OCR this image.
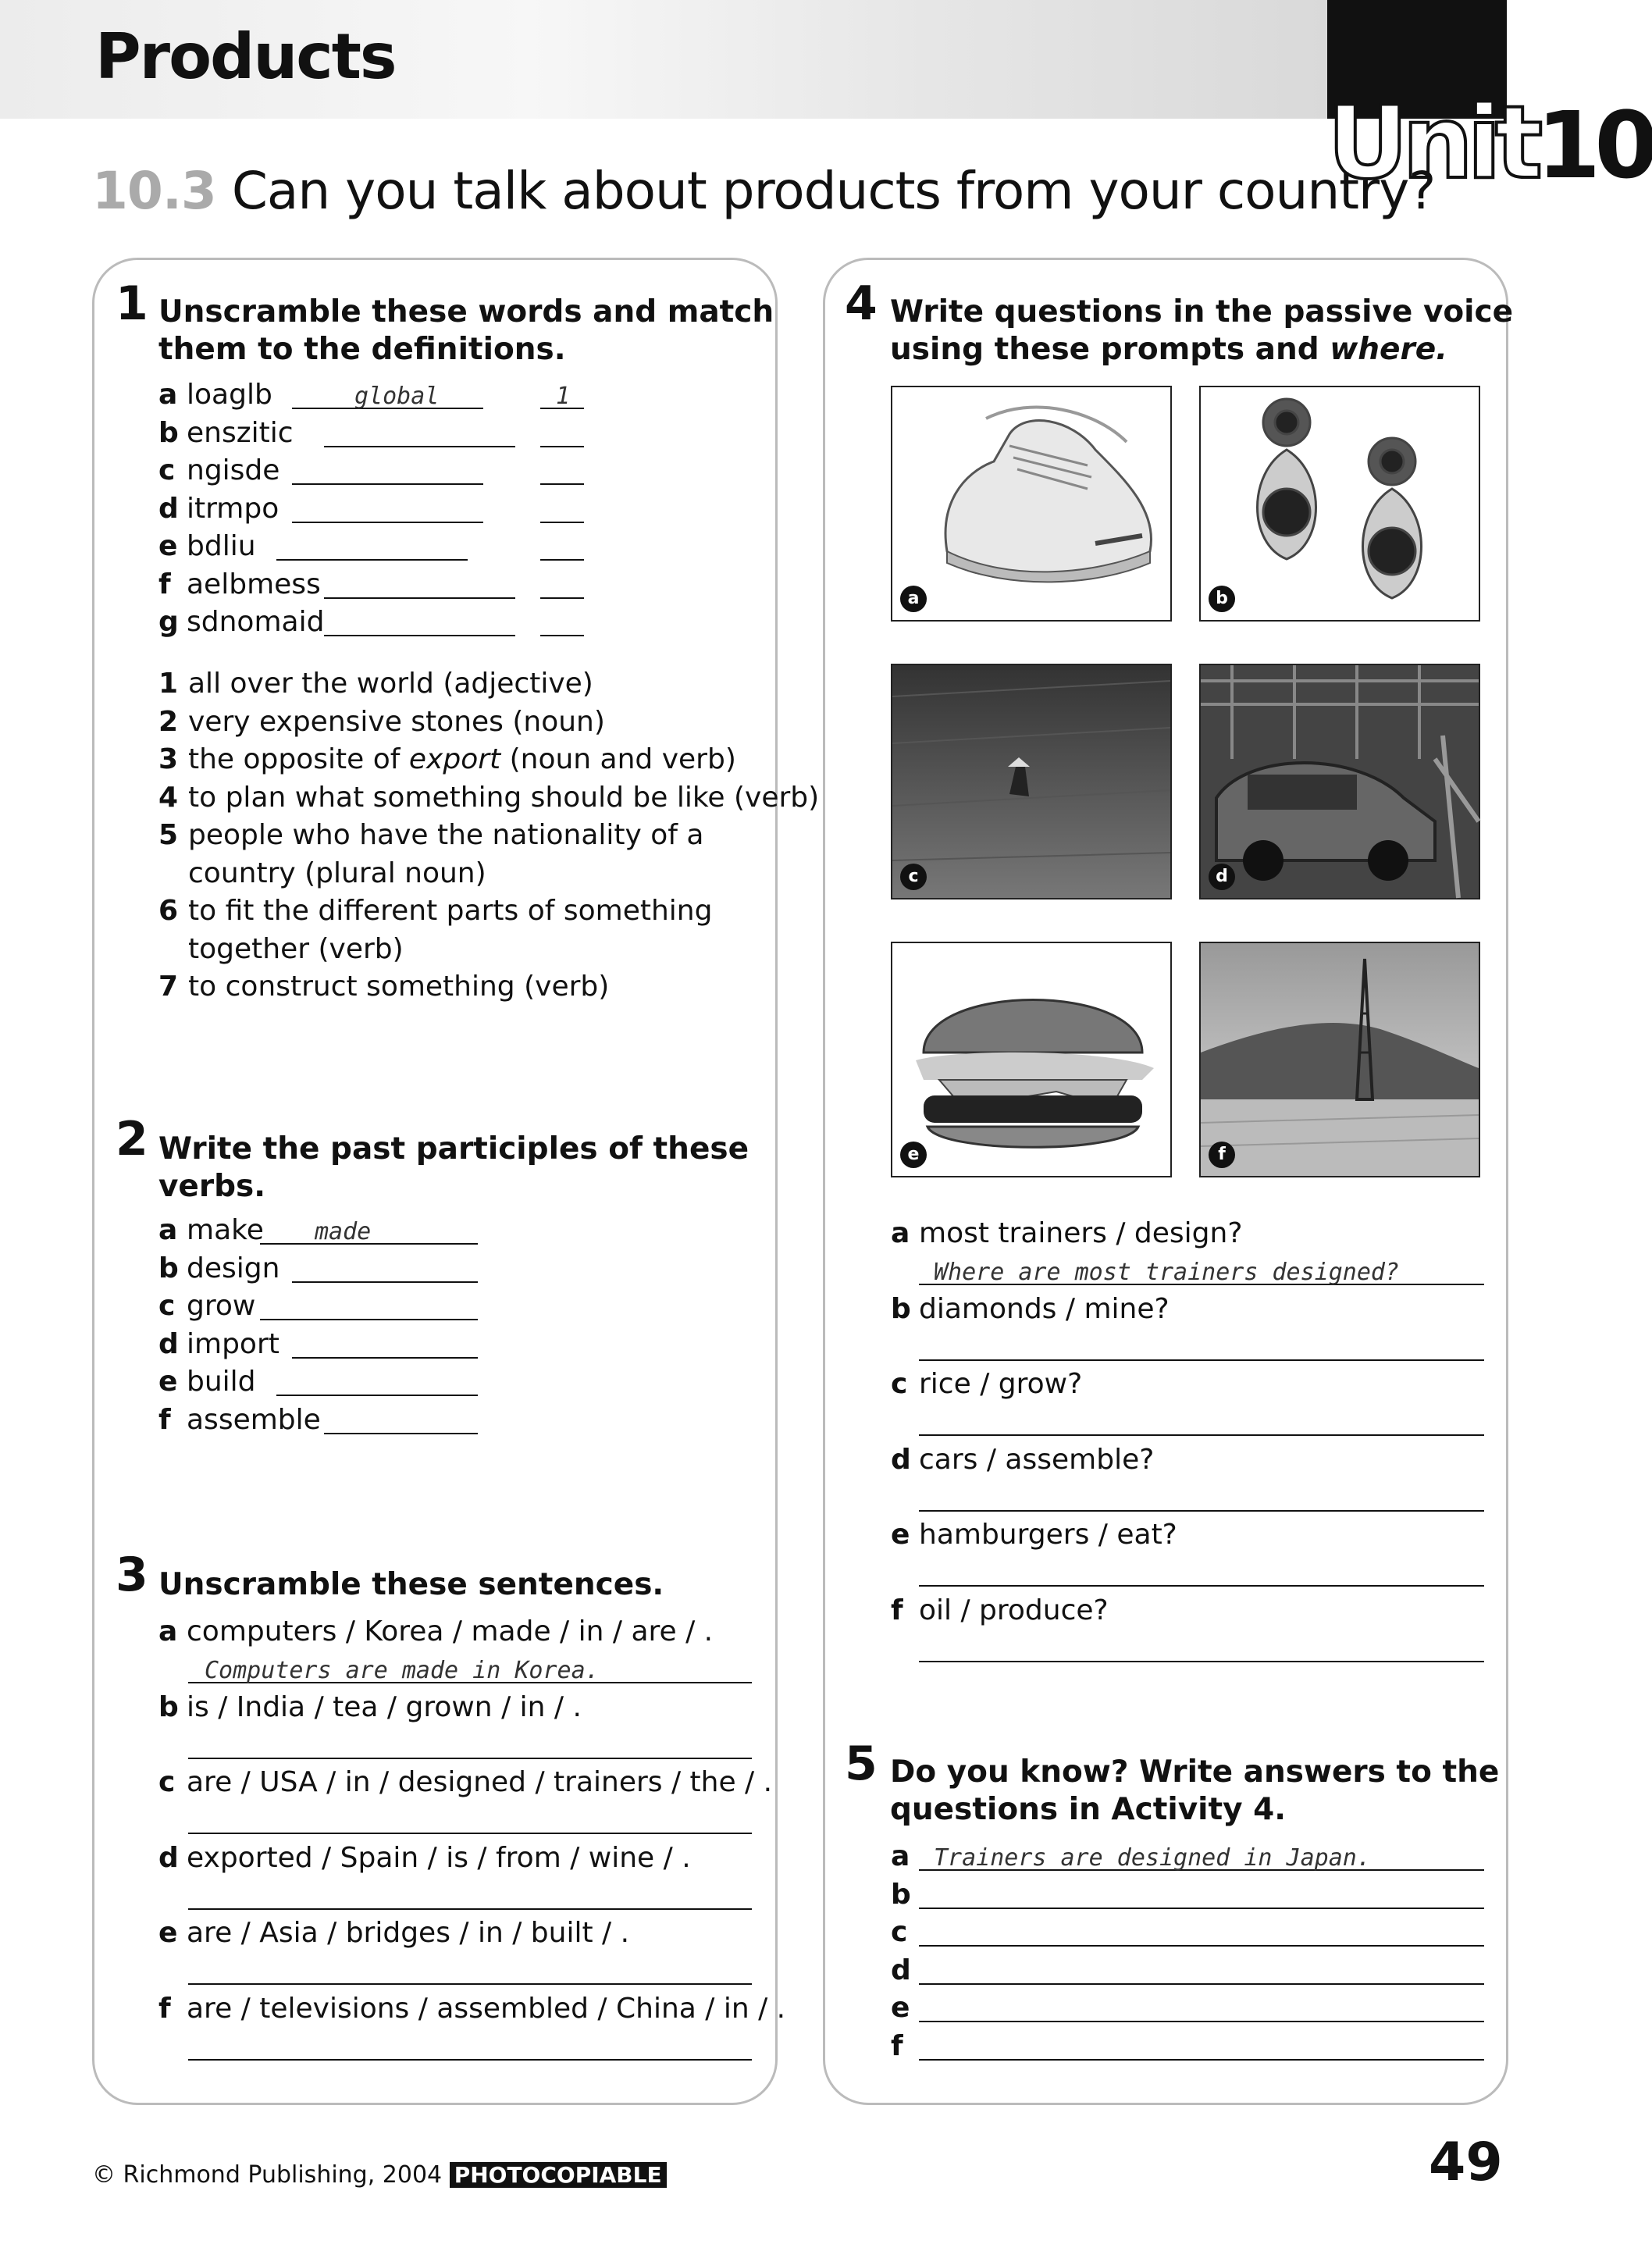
Products
Unit10
10.3 Can you talk about products from your country?
1 Unscramble these words and match
them to the definitions.
a loaglb	global	1
b enszitic
c ngisde
d itrmpo
e bdliu
f aelbmess
g sdnomaid
1 all over the world (adjective)
2 very expensive stones (noun)
3 the opposite of export (noun and verb)
4 to plan what something should be like (verb)
5 people who have the nationality of a
country (plural noun)
6 to fit the different parts of something
together (verb)
7 to construct something (verb)
2 Write the past participles of these
verbs.
a make made
b design
c grow
d import
e build
f assemble
3 Unscramble these sentences.
a computers / Korea / made / in / are / .
Computers are made in Korea.
b is / India / tea / grown / in / .
c are / USA / in / designed / trainers / the / .
d exported / Spain / is / from / wine / .
e are / Asia / bridges / in / built / .
f are / televisions / assembled / China / in / .
4 Write questions in the passive voice
using these prompts and where.
a	b
c	d
e	f
a most trainers / design?
Where are most trainers designed?
b diamonds / mine?
c rice / grow?
d cars / assemble?
e hamburgers / eat?
f oil / produce?
5 Do you know? Write answers to the
questions in Activity 4.
a Trainers are designed in Japan.
b
c
d
e
f
© Richmond Publishing, 2004 PHOTOCOPIABLE	49
